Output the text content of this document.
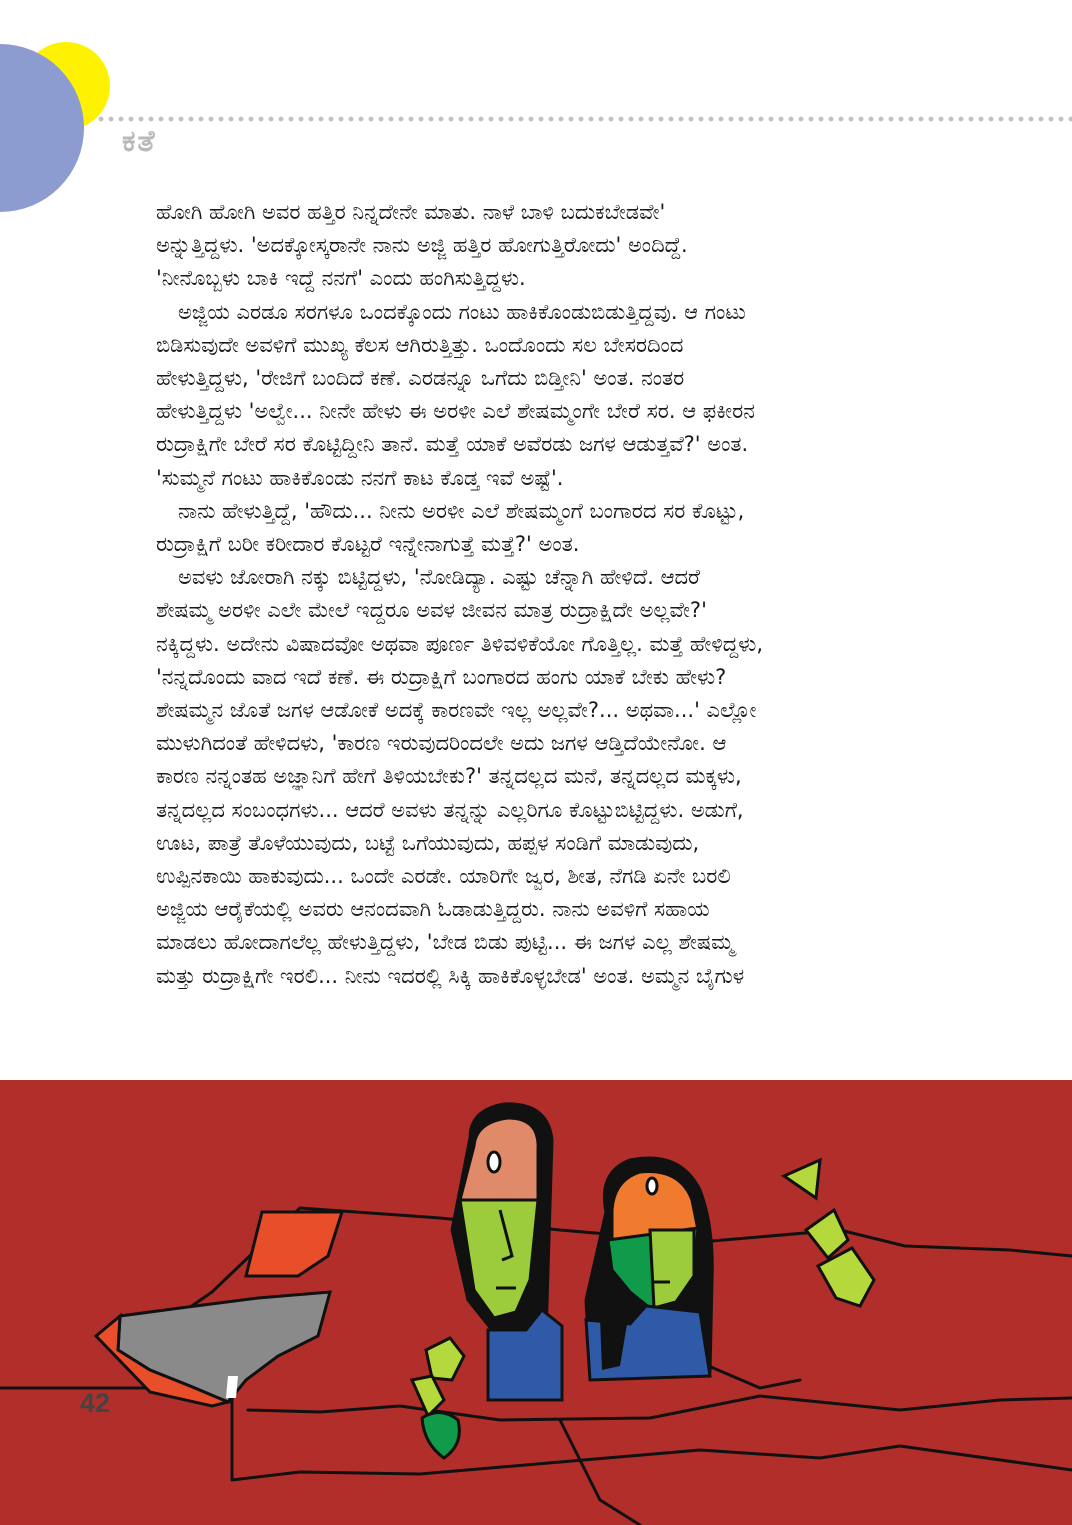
ಕತೆ
ಹೋಗಿ ಹೋಗಿ ಅವರ ಹತ್ತಿರ ನಿನ್ನದೇನೇ ಮಾತು. ನಾಳೆ ಬಾಳಿ ಬದುಕಬೇಡವೇ'
ಅನ್ನುತ್ತಿದ್ದಳು. 'ಅದಕ್ಕೋಸ್ಕರಾನೇ ನಾನು ಅಜ್ಜಿ ಹತ್ತಿರ ಹೋಗುತ್ತಿರೋದು' ಅಂದಿದ್ದೆ.
'ನೀನೊಬ್ಬಳು ಬಾಕಿ ಇದ್ದೆ ನನಗೆ' ಎಂದು ಹಂಗಿಸುತ್ತಿದ್ದಳು.
ಅಜ್ಜಿಯ ಎರಡೂ ಸರಗಳೂ ಒಂದಕ್ಕೊಂದು ಗಂಟು ಹಾಕಿಕೊಂಡುಬಿಡುತ್ತಿದ್ದವು. ಆ ಗಂಟು
ಬಿಡಿಸುವುದೇ ಅವಳಿಗೆ ಮುಖ್ಯ ಕೆಲಸ ಆಗಿರುತ್ತಿತ್ತು. ಒಂದೊಂದು ಸಲ ಬೇಸರದಿಂದ
ಹೇಳುತ್ತಿದ್ದಳು, 'ರೇಜಿಗೆ ಬಂದಿದೆ ಕಣೆ. ಎರಡನ್ನೂ ಒಗೆದು ಬಿಡ್ತೀನಿ' ಅಂತ. ನಂತರ
ಹೇಳುತ್ತಿದ್ದಳು 'ಅಲ್ವೇ... ನೀನೇ ಹೇಳು ಈ ಅರಳೀ ಎಲೆ ಶೇಷಮ್ಮಂಗೇ ಬೇರೆ ಸರ. ಆ ಫಕೀರನ
ರುದ್ರಾಕ್ಷಿಗೇ ಬೇರೆ ಸರ ಕೊಟ್ಟಿದ್ದೀನಿ ತಾನೆ. ಮತ್ತೆ ಯಾಕೆ ಅವೆರಡು ಜಗಳ ಆಡುತ್ತವೆ?' ಅಂತ.
'ಸುಮ್ಮನೆ ಗಂಟು ಹಾಕಿಕೊಂಡು ನನಗೆ ಕಾಟ ಕೊಡ್ತ ಇವೆ ಅಷ್ಟೆ'.
ನಾನು ಹೇಳುತ್ತಿದ್ದೆ, 'ಹೌದು... ನೀನು ಅರಳೀ ಎಲೆ ಶೇಷಮ್ಮಂಗೆ ಬಂಗಾರದ ಸರ ಕೊಟ್ಟು,
ರುದ್ರಾಕ್ಷಿಗೆ ಬರೀ ಕರೀದಾರ ಕೊಟ್ಟರೆ ಇನ್ನೇನಾಗುತ್ತೆ ಮತ್ತೆ?' ಅಂತ.
ಅವಳು ಜೋರಾಗಿ ನಕ್ಕು ಬಿಟ್ಟಿದ್ದಳು, 'ನೋಡಿದ್ಯಾ. ಎಷ್ಟು ಚೆನ್ನಾಗಿ ಹೇಳಿದೆ. ಆದರೆ
ಶೇಷಮ್ಮ ಅರಳೀ ಎಲೇ ಮೇಲೆ ಇದ್ದರೂ ಅವಳ ಜೀವನ ಮಾತ್ರ ರುದ್ರಾಕ್ಷಿದೇ ಅಲ್ಲವೇ?'
ನಕ್ಕಿದ್ದಳು. ಅದೇನು ವಿಷಾದವೋ ಅಥವಾ ಪೂರ್ಣ ತಿಳಿವಳಿಕೆಯೋ ಗೊತ್ತಿಲ್ಲ. ಮತ್ತೆ ಹೇಳಿದ್ದಳು,
'ನನ್ನದೊಂದು ವಾದ ಇದೆ ಕಣೆ. ಈ ರುದ್ರಾಕ್ಷಿಗೆ ಬಂಗಾರದ ಹಂಗು ಯಾಕೆ ಬೇಕು ಹೇಳು?
ಶೇಷಮ್ಮನ ಜೊತೆ ಜಗಳ ಆಡೋಕೆ ಅದಕ್ಕೆ ಕಾರಣವೇ ಇಲ್ಲ ಅಲ್ಲವೇ?... ಅಥವಾ...' ಎಲ್ಲೋ
ಮುಳುಗಿದಂತೆ ಹೇಳಿದಳು, 'ಕಾರಣ ಇರುವುದರಿಂದಲೇ ಅದು ಜಗಳ ಆಡ್ತಿದೆಯೇನೋ. ಆ
ಕಾರಣ ನನ್ನಂತಹ ಅಜ್ಞಾನಿಗೆ ಹೇಗೆ ತಿಳಿಯಬೇಕು?' ತನ್ನದಲ್ಲದ ಮನೆ, ತನ್ನದಲ್ಲದ ಮಕ್ಕಳು,
ತನ್ನದಲ್ಲದ ಸಂಬಂಧಗಳು... ಆದರೆ ಅವಳು ತನ್ನನ್ನು ಎಲ್ಲರಿಗೂ ಕೊಟ್ಟುಬಿಟ್ಟಿದ್ದಳು. ಅಡುಗೆ,
ಊಟ, ಪಾತ್ರೆ ತೊಳೆಯುವುದು, ಬಟ್ಟೆ ಒಗೆಯುವುದು, ಹಪ್ಪಳ ಸಂಡಿಗೆ ಮಾಡುವುದು,
ಉಪ್ಪಿನಕಾಯಿ ಹಾಕುವುದು... ಒಂದೇ ಎರಡೇ. ಯಾರಿಗೇ ಜ್ವರ, ಶೀತ, ನೆಗಡಿ ಏನೇ ಬರಲಿ
ಅಜ್ಜಿಯ ಆರೈಕೆಯಲ್ಲಿ ಅವರು ಆನಂದವಾಗಿ ಓಡಾಡುತ್ತಿದ್ದರು. ನಾನು ಅವಳಿಗೆ ಸಹಾಯ
ಮಾಡಲು ಹೋದಾಗಲೆಲ್ಲ ಹೇಳುತ್ತಿದ್ದಳು, 'ಬೇಡ ಬಿಡು ಪುಟ್ಟಿ... ಈ ಜಗಳ ಎಲ್ಲ ಶೇಷಮ್ಮ
ಮತ್ತು ರುದ್ರಾಕ್ಷಿಗೇ ಇರಲಿ... ನೀನು ಇದರಲ್ಲಿ ಸಿಕ್ಕಿ ಹಾಕಿಕೊಳ್ಳಬೇಡ' ಅಂತ. ಅಮ್ಮನ ಬೈಗುಳ
42
